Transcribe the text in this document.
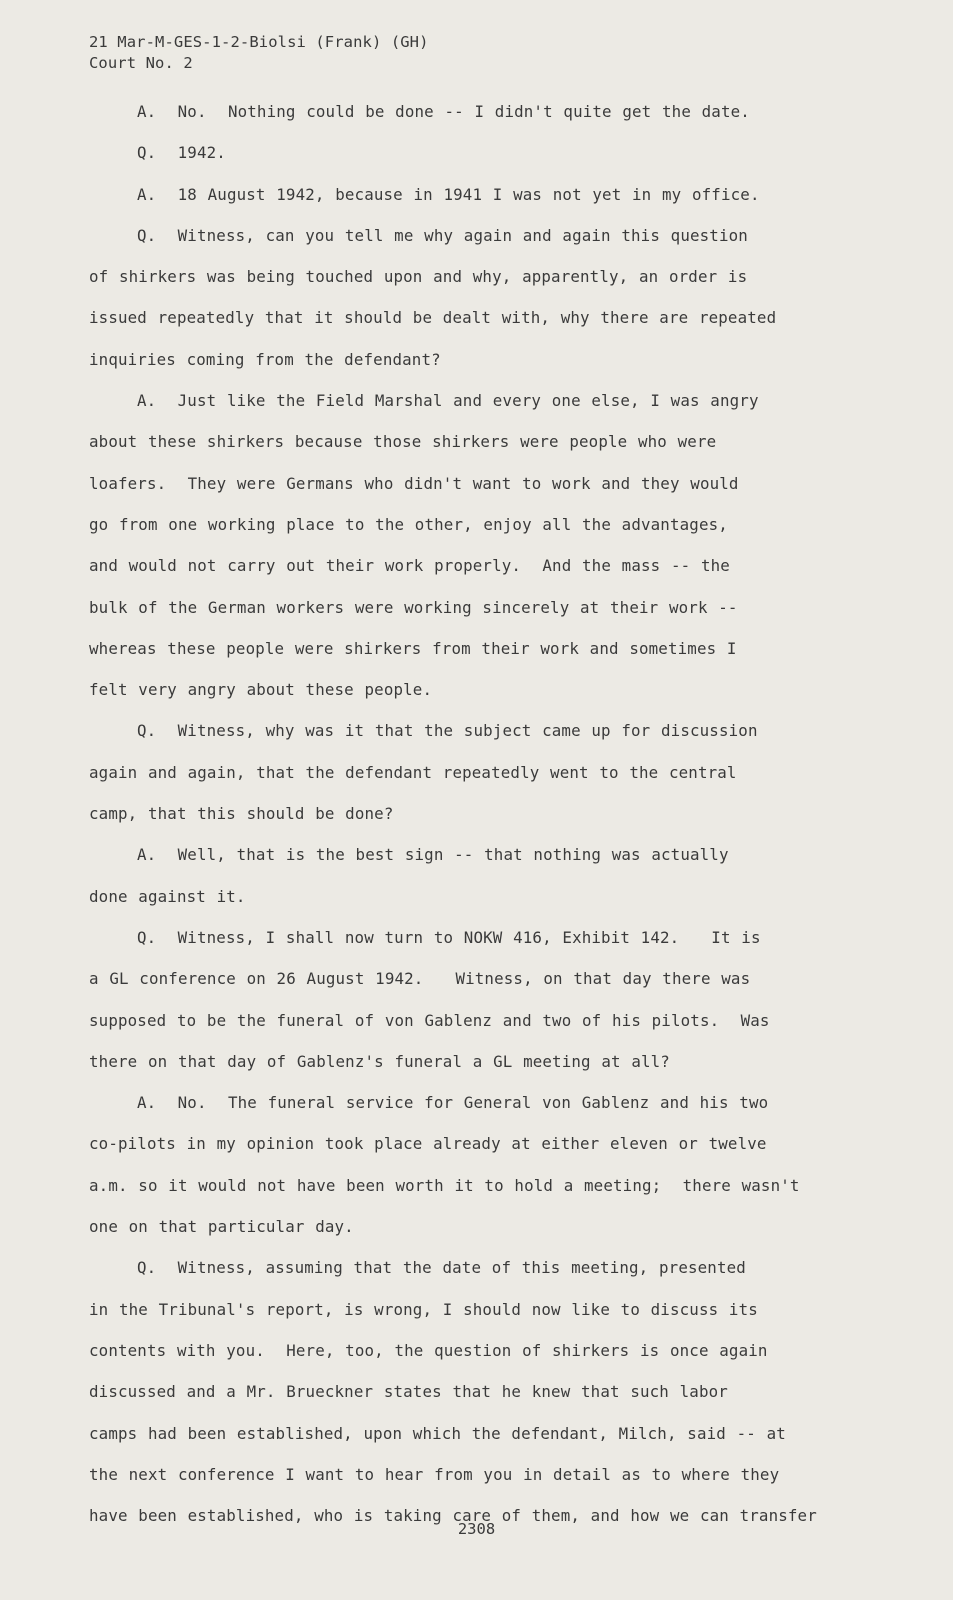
21 Mar-M-GES-1-2-Biolsi (Frank) (GH)
Court No. 2
A.  No.  Nothing could be done -- I didn't quite get the date.
Q.  1942.
A.  18 August 1942, because in 1941 I was not yet in my office.
Q.  Witness, can you tell me why again and again this question
of shirkers was being touched upon and why, apparently, an order is
issued repeatedly that it should be dealt with, why there are repeated
inquiries coming from the defendant?
A.  Just like the Field Marshal and every one else, I was angry
about these shirkers because those shirkers were people who were
loafers.  They were Germans who didn't want to work and they would
go from one working place to the other, enjoy all the advantages,
and would not carry out their work properly.  And the mass -- the
bulk of the German workers were working sincerely at their work --
whereas these people were shirkers from their work and sometimes I
felt very angry about these people.
Q.  Witness, why was it that the subject came up for discussion
again and again, that the defendant repeatedly went to the central
camp, that this should be done?
A.  Well, that is the best sign -- that nothing was actually
done against it.
Q.  Witness, I shall now turn to NOKW 416, Exhibit 142.   It is
a GL conference on 26 August 1942.   Witness, on that day there was
supposed to be the funeral of von Gablenz and two of his pilots.  Was
there on that day of Gablenz's funeral a GL meeting at all?
A.  No.  The funeral service for General von Gablenz and his two
co-pilots in my opinion took place already at either eleven or twelve
a.m. so it would not have been worth it to hold a meeting;  there wasn't
one on that particular day.
Q.  Witness, assuming that the date of this meeting, presented
in the Tribunal's report, is wrong, I should now like to discuss its
contents with you.  Here, too, the question of shirkers is once again
discussed and a Mr. Brueckner states that he knew that such labor
camps had been established, upon which the defendant, Milch, said -- at
the next conference I want to hear from you in detail as to where they
have been established, who is taking care of them, and how we can transfer
2308
